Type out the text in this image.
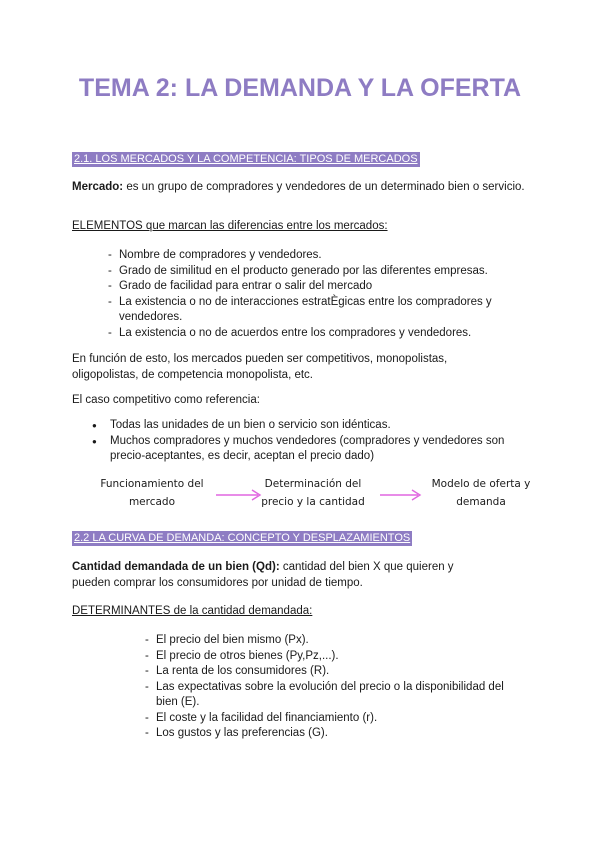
TEMA 2: LA DEMANDA Y LA OFERTA
2.1. LOS MERCADOS Y LA COMPETENCIA: TIPOS DE MERCADOS

Mercado: es un grupo de compradores y vendedores de un determinado bien o servicio.

ELEMENTOS que marcan las diferencias entre los mercados:

- Nombre de compradores y vendedores.
- Grado de similitud en el producto generado por las diferentes empresas.
- Grado de facilidad para entrar o salir del mercado
- La existencia o no de interacciones estratÈgicas entre los compradores y vendedores.
- La existencia o no de acuerdos entre los compradores y vendedores.

En función de esto, los mercados pueden ser competitivos, monopolistas, oligopolistas, de competencia monopolista, etc.

El caso competitivo como referencia:

● Todas las unidades de un bien o servicio son idénticas.
● Muchos compradores y muchos vendedores (compradores y vendedores son precio-aceptantes, es decir, aceptan el precio dado)
Funcionamiento del mercado
Determinación del precio y la cantidad
Modelo de oferta y demanda
2.2 LA CURVA DE DEMANDA: CONCEPTO Y DESPLAZAMIENTOS

Cantidad demandada de un bien (Qd): cantidad del bien X que quieren y pueden comprar los consumidores por unidad de tiempo.

DETERMINANTES de la cantidad demandada:

- El precio del bien mismo (Px).
- El precio de otros bienes (Py,Pz,...).
- La renta de los consumidores (R).
- Las expectativas sobre la evolución del precio o la disponibilidad del bien (E).
- El coste y la facilidad del financiamiento (r).
- Los gustos y las preferencias (G).
